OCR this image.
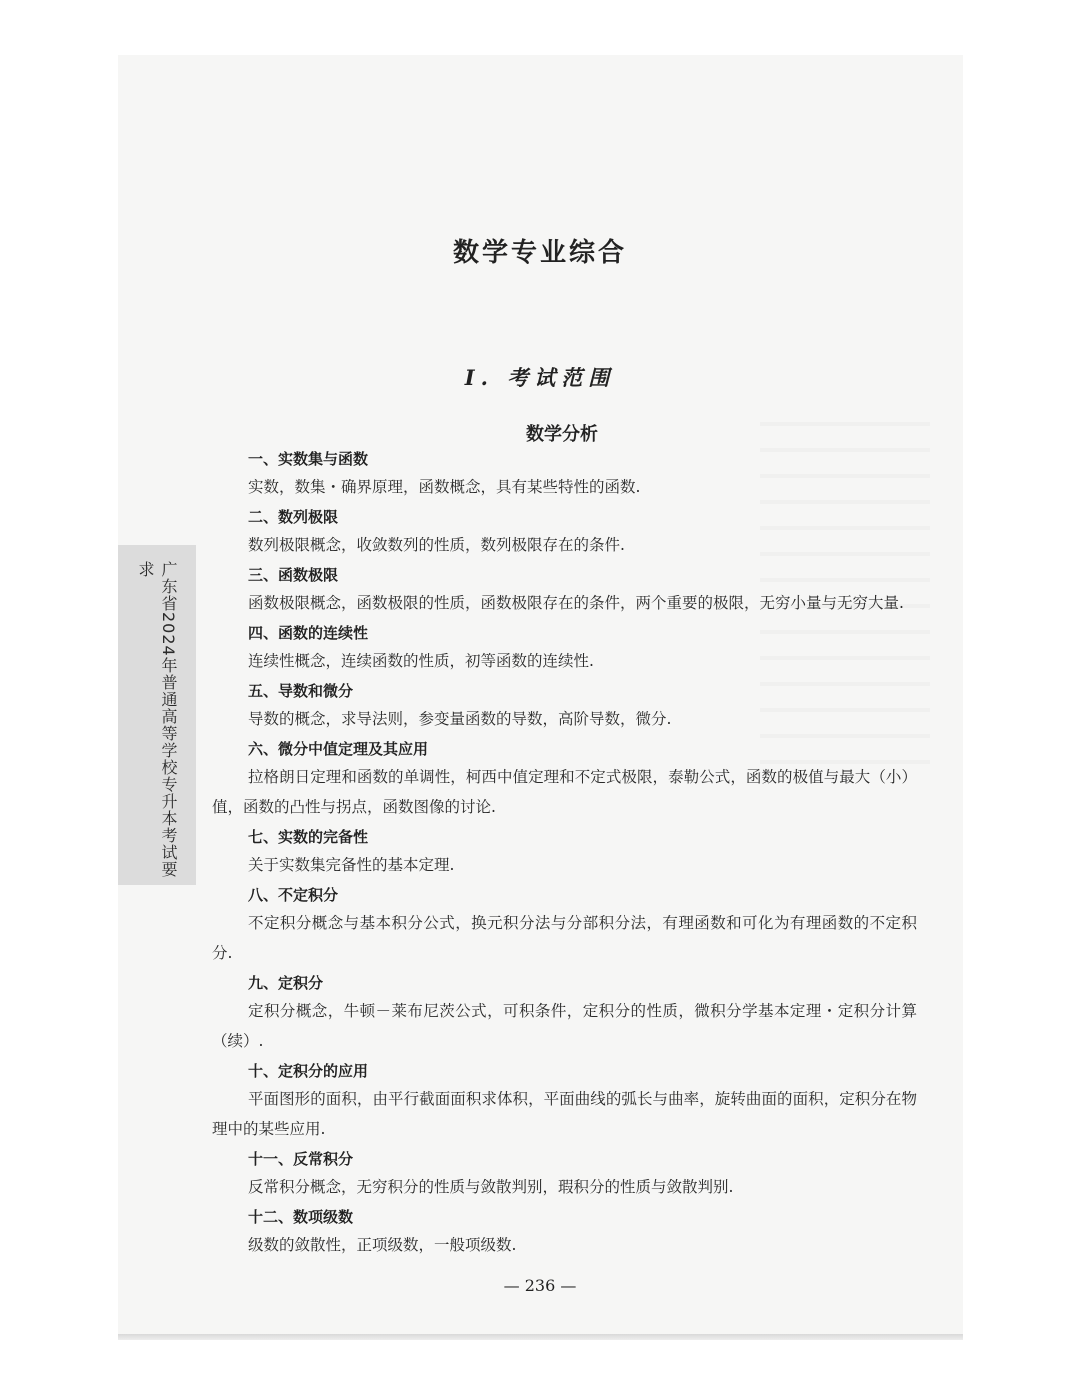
广东省2024年普通高等学校专升本考试要求
数学专业综合
Ⅰ. 考试范围
数学分析
一、实数集与函数

实数，数集・确界原理，函数概念，具有某些特性的函数.

二、数列极限

数列极限概念，收敛数列的性质，数列极限存在的条件.

三、函数极限

函数极限概念，函数极限的性质，函数极限存在的条件，两个重要的极限，无穷小量与无穷大量.

四、函数的连续性

连续性概念，连续函数的性质，初等函数的连续性.

五、导数和微分

导数的概念，求导法则，参变量函数的导数，高阶导数，微分.

六、微分中值定理及其应用

拉格朗日定理和函数的单调性，柯西中值定理和不定式极限，泰勒公式，函数的极值与最大（小）值，函数的凸性与拐点，函数图像的讨论.

七、实数的完备性

关于实数集完备性的基本定理.

八、不定积分

不定积分概念与基本积分公式，换元积分法与分部积分法，有理函数和可化为有理函数的不定积分.

九、定积分

定积分概念，牛顿－莱布尼茨公式，可积条件，定积分的性质，微积分学基本定理・定积分计算（续）.

十、定积分的应用

平面图形的面积，由平行截面面积求体积，平面曲线的弧长与曲率，旋转曲面的面积，定积分在物理中的某些应用.

十一、反常积分

反常积分概念，无穷积分的性质与敛散判别，瑕积分的性质与敛散判别.

十二、数项级数

级数的敛散性，正项级数，一般项级数.

— 236 —
